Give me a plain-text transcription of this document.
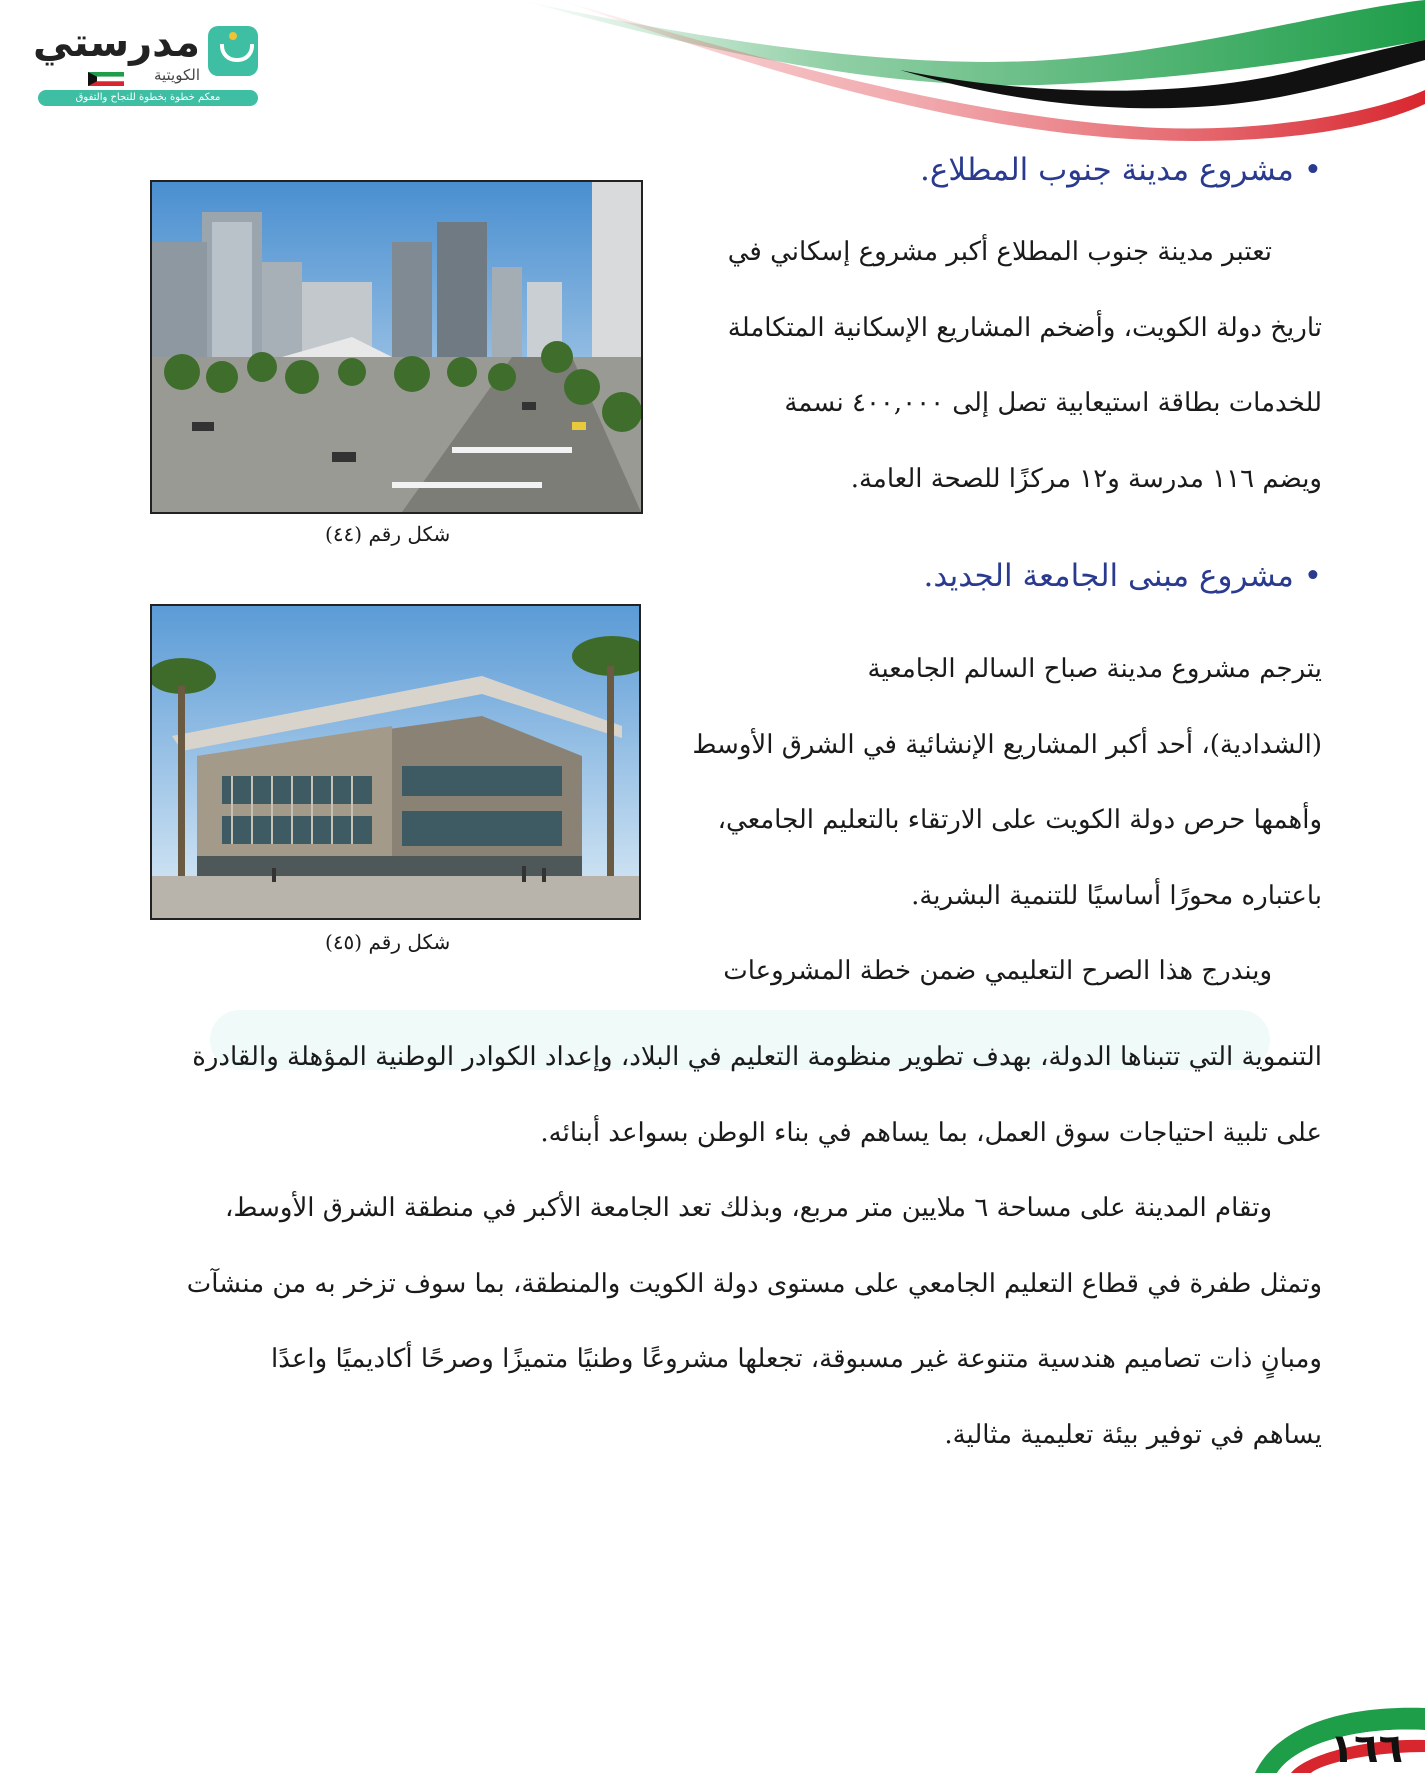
مدرستي
الكويتية
معكم خطوة بخطوة للنجاح والتفوق
• مشروع مدينة جنوب المطلاع.
تعتبر مدينة جنوب المطلاع أكبر مشروع إسكاني في
تاريخ دولة الكويت، وأضخم المشاريع الإسكانية المتكاملة
للخدمات بطاقة استيعابية تصل إلى ٤٠٠,٠٠٠ نسمة
ويضم ١١٦ مدرسة و١٢ مركزًا للصحة العامة.
شكل رقم (٤٤)
• مشروع مبنى الجامعة الجديد.
يترجم مشروع مدينة صباح السالم الجامعية
(الشدادية)، أحد أكبر المشاريع الإنشائية في الشرق الأوسط
وأهمها حرص دولة الكويت على الارتقاء بالتعليم الجامعي،
باعتباره محورًا أساسيًا للتنمية البشرية.
ويندرج هذا الصرح التعليمي ضمن خطة المشروعات
شكل رقم (٤٥)
التنموية التي تتبناها الدولة، بهدف تطوير منظومة التعليم في البلاد، وإعداد الكوادر الوطنية المؤهلة والقادرة
على تلبية احتياجات سوق العمل، بما يساهم في بناء الوطن بسواعد أبنائه.
وتقام المدينة على مساحة ٦ ملايين متر مربع، وبذلك تعد الجامعة الأكبر في منطقة الشرق الأوسط،
وتمثل طفرة في قطاع التعليم الجامعي على مستوى دولة الكويت والمنطقة، بما سوف تزخر به من منشآت
ومبانٍ ذات تصاميم هندسية متنوعة غير مسبوقة، تجعلها مشروعًا وطنيًا متميزًا وصرحًا أكاديميًا واعدًا
يساهم في توفير بيئة تعليمية مثالية.
١٦٦
